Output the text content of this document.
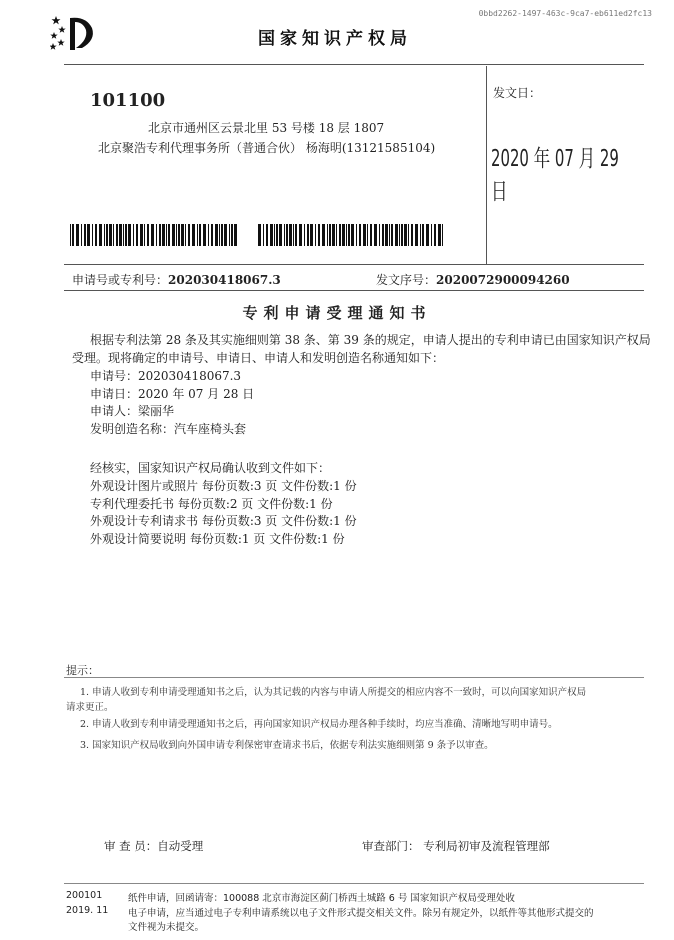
0bbd2262-1497-463c-9ca7-eb611ed2fc13
国家知识产权局
101100
北京市通州区云景北里 53 号楼 18 层 1807
北京聚浩专利代理事务所（普通合伙） 杨海明(13121585104)
发文日：
2020 年 07 月 29 日
申请号或专利号：202030418067.3	发文序号：2020072900094260
专利申请受理通知书
根据专利法第 28 条及其实施细则第 38 条、第 39 条的规定，申请人提出的专利申请已由国家知识产权局
受理。现将确定的申请号、申请日、申请人和发明创造名称通知如下：
申请号：202030418067.3
申请日：2020 年 07 月 28 日
申请人：梁丽华
发明创造名称：汽车座椅头套
经核实，国家知识产权局确认收到文件如下：
外观设计图片或照片 每份页数:3 页 文件份数:1 份
专利代理委托书 每份页数:2 页 文件份数:1 份
外观设计专利请求书 每份页数:3 页 文件份数:1 份
外观设计简要说明 每份页数:1 页 文件份数:1 份
提示：
1. 申请人收到专利申请受理通知书之后，认为其记载的内容与申请人所提交的相应内容不一致时，可以向国家知识产权局
请求更正。
2. 申请人收到专利申请受理通知书之后，再向国家知识产权局办理各种手续时，均应当准确、清晰地写明申请号。
3. 国家知识产权局收到向外国申请专利保密审查请求书后，依据专利法实施细则第 9 条予以审查。
审 查 员：自动受理	审查部门： 专利局初审及流程管理部
200101
2019. 11
纸件申请，回函请寄：100088 北京市海淀区蓟门桥西土城路 6 号 国家知识产权局受理处收
电子申请，应当通过电子专利申请系统以电子文件形式提交相关文件。除另有规定外，以纸件等其他形式提交的
文件视为未提交。
